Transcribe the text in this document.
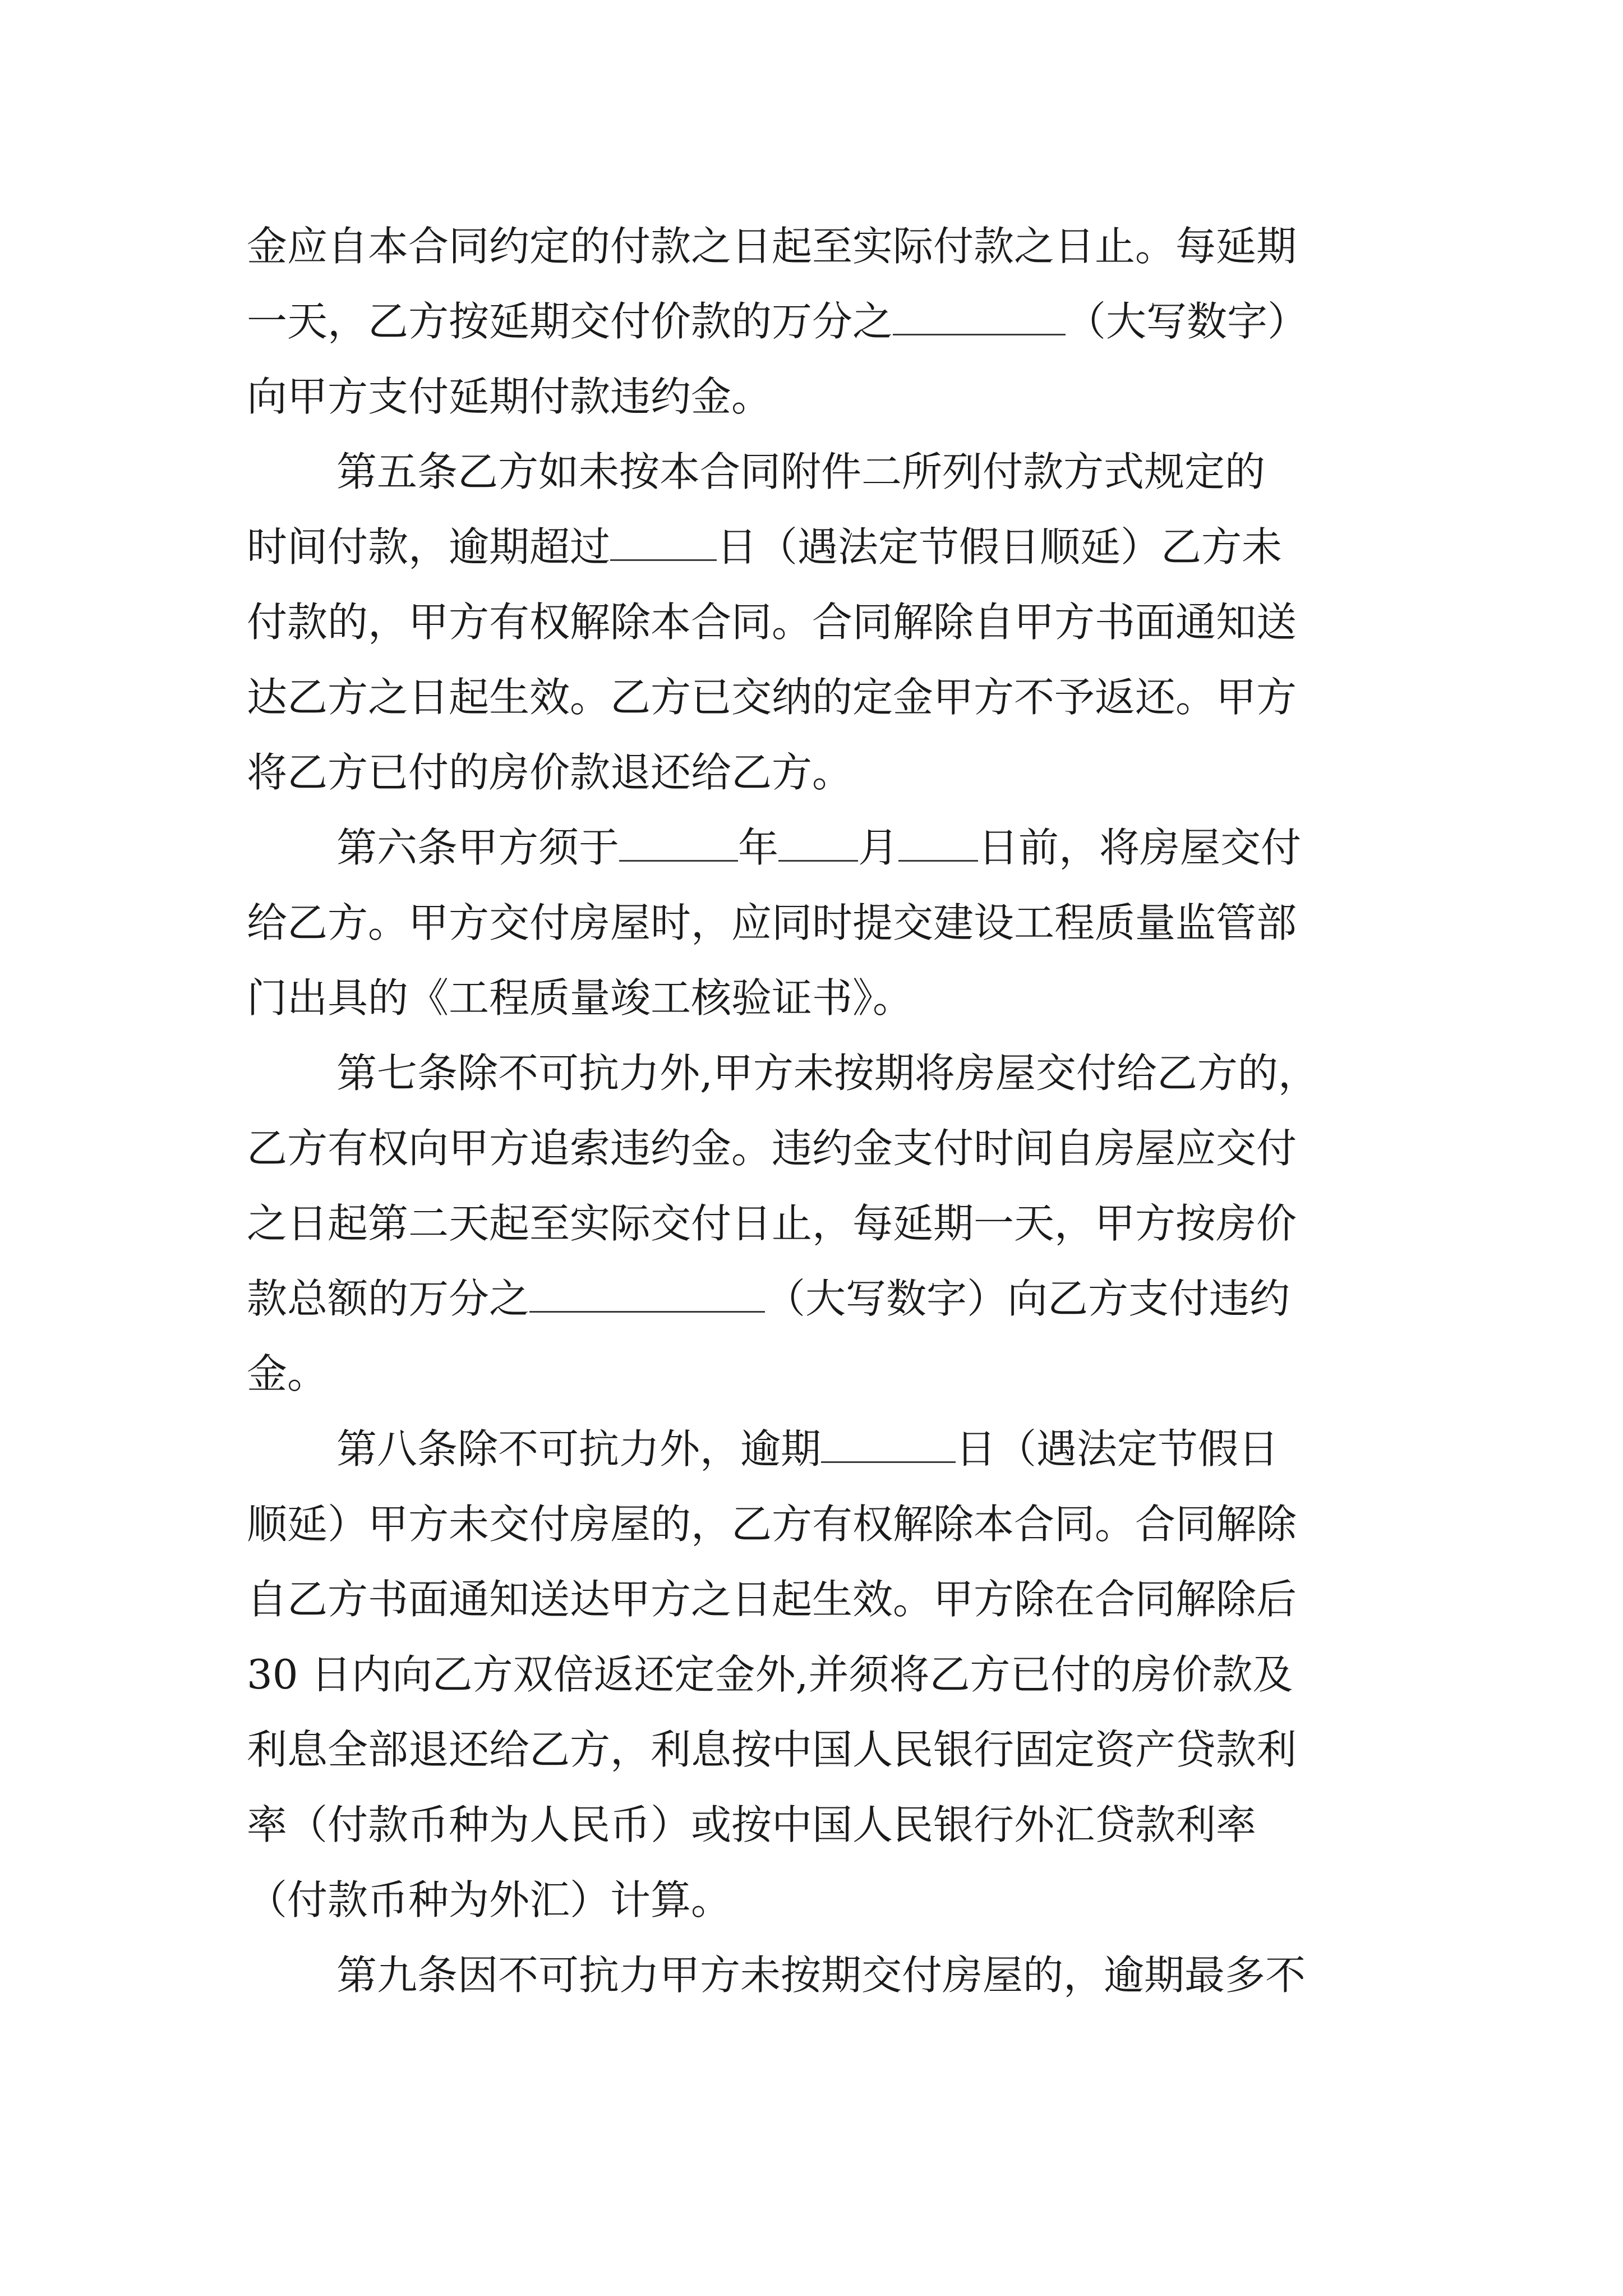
金应自本合同约定的付款之日起至实际付款之日止。每延期
一天，乙方按延期交付价款的万分之	（大写数字）
向甲方支付延期付款违约金。
第五条乙方如未按本合同附件二所列付款方式规定的
时间付款，逾期超过	日（遇法定节假日顺延）乙方未
付款的，甲方有权解除本合同。合同解除自甲方书面通知送
达乙方之日起生效。乙方已交纳的定金甲方不予返还。甲方
将乙方已付的房价款退还给乙方。
第六条甲方须于	年 月 日前，将房屋交付
给乙方。甲方交付房屋时，应同时提交建设工程质量监管部
门出具的《工程质量竣工核验证书》。
第七条除不可抗力外,甲方未按期将房屋交付给乙方的，
乙方有权向甲方追索违约金。违约金支付时间自房屋应交付
之日起第二天起至实际交付日止，每延期一天，甲方按房价
款总额的万分之	（大写数字）向乙方支付违约
金。
第八条除不可抗力外，逾期	日（遇法定节假日
顺延）甲方未交付房屋的，乙方有权解除本合同。合同解除
自乙方书面通知送达甲方之日起生效。甲方除在合同解除后
30 日内向乙方双倍返还定金外,并须将乙方已付的房价款及
利息全部退还给乙方，利息按中国人民银行固定资产贷款利
率（付款币种为人民币）或按中国人民银行外汇贷款利率
（付款币种为外汇）计算。
第九条因不可抗力甲方未按期交付房屋的，逾期最多不
